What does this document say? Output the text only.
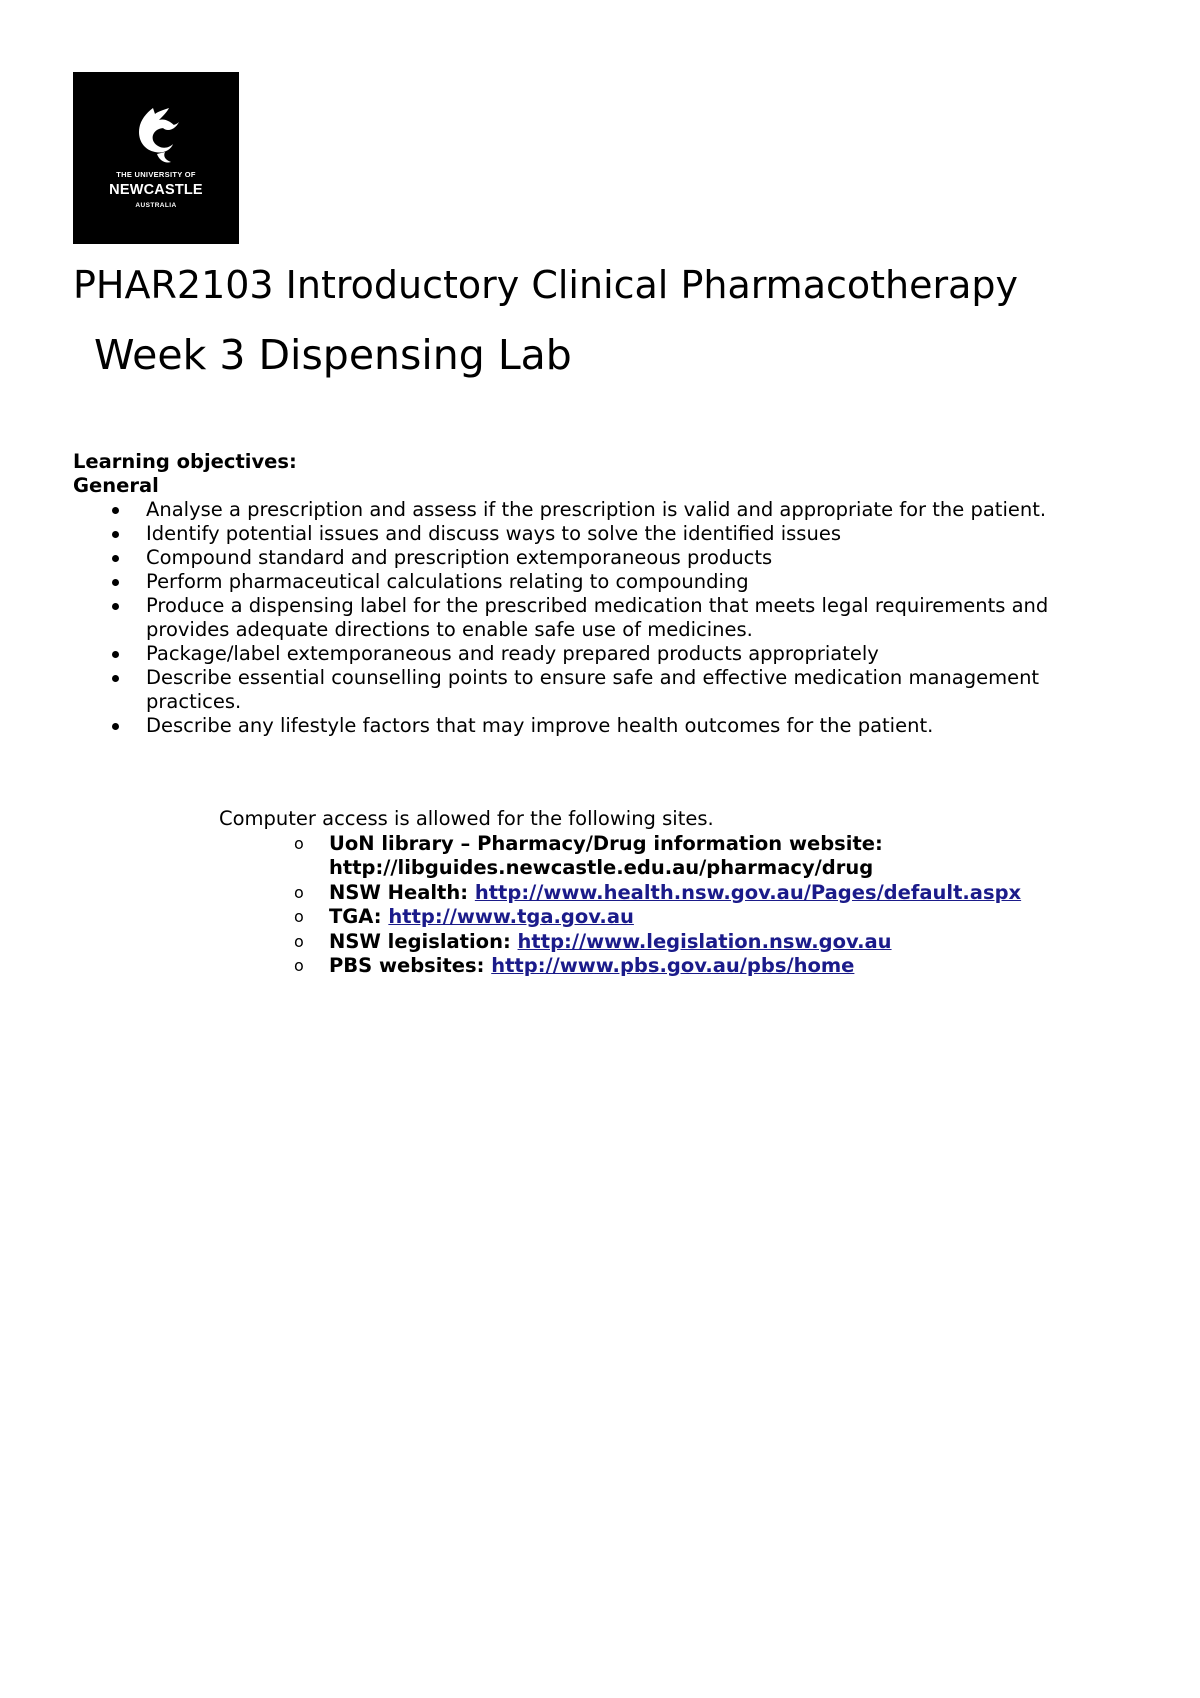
THE UNIVERSITY OF
NEWCASTLE
AUSTRALIA
PHAR2103 Introductory Clinical Pharmacotherapy
Week 3 Dispensing Lab
Learning objectives:
General
Analyse a prescription and assess if the prescription is valid and appropriate for the patient.
Identify potential issues and discuss ways to solve the identified issues
Compound standard and prescription extemporaneous products
Perform pharmaceutical calculations relating to compounding
Produce a dispensing label for the prescribed medication that meets legal requirements and provides adequate directions to enable safe use of medicines.
Package/label extemporaneous and ready prepared products appropriately
Describe essential counselling points to ensure safe and effective medication management practices.
Describe any lifestyle factors that may improve health outcomes for the patient.
Computer access is allowed for the following sites.
o UoN library – Pharmacy/Drug information website: http://libguides.newcastle.edu.au/pharmacy/drug
o NSW Health: http://www.health.nsw.gov.au/Pages/default.aspx
o TGA: http://www.tga.gov.au
o NSW legislation: http://www.legislation.nsw.gov.au
o PBS websites: http://www.pbs.gov.au/pbs/home
